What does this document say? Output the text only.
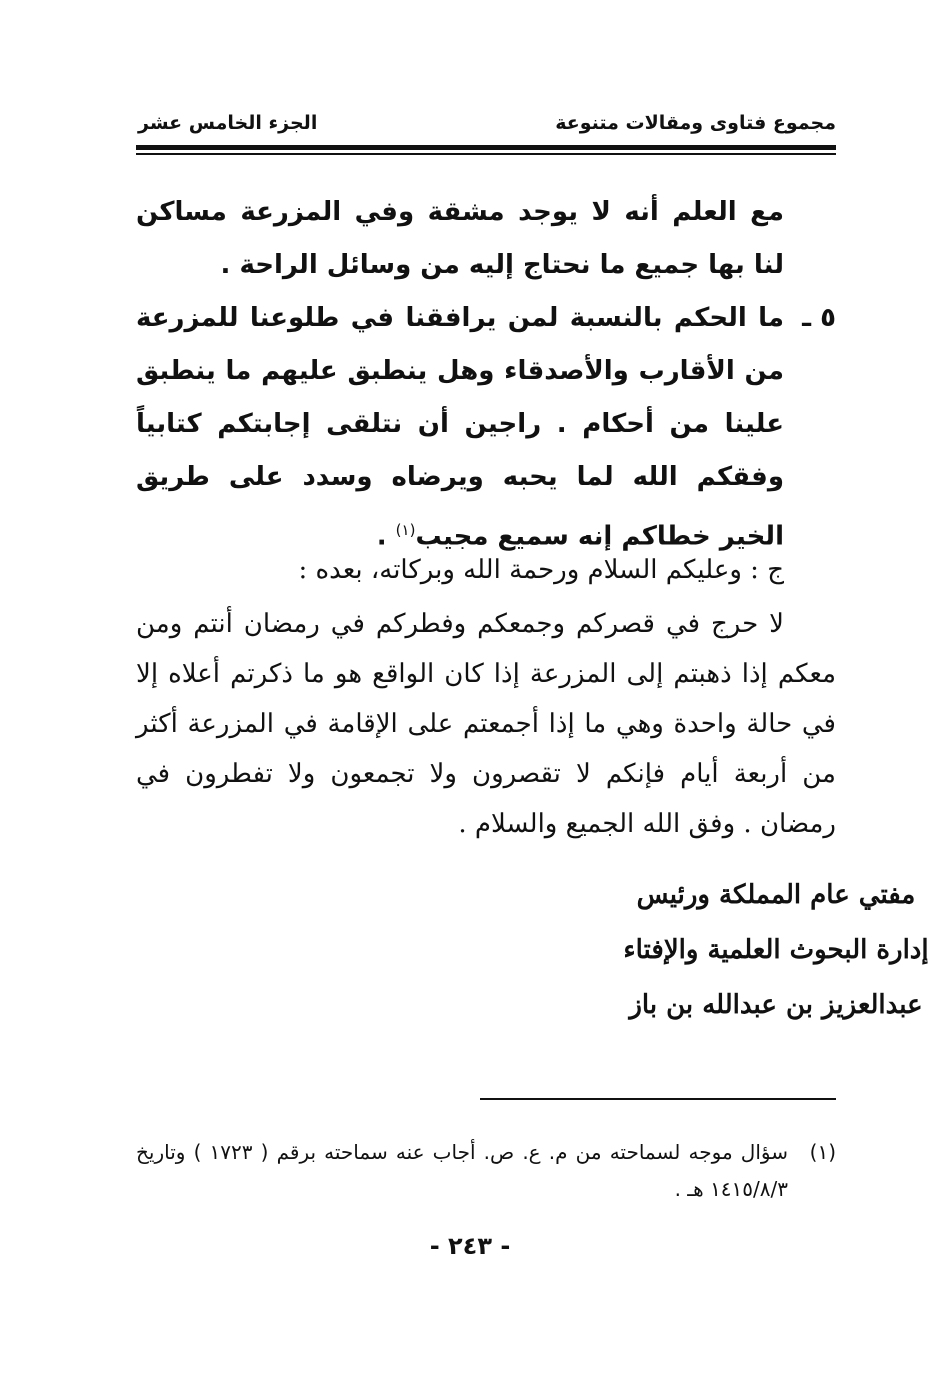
مجموع فتاوى ومقالات متنوعة
الجزء الخامس عشر

مع العلم أنه لا يوجد مشقة وفي المزرعة مساكن لنا بها جميع ما نحتاج إليه من وسائل الراحة .

٥ ـ
ما الحكم بالنسبة لمن يرافقنا في طلوعنا للمزرعة من الأقارب والأصدقاء وهل ينطبق عليهم ما ينطبق علينا من أحكام . راجين أن نتلقى إجابتكم كتابياً وفقكم الله لما يحبه ويرضاه وسدد على طريق الخير خطاكم إنه سميع مجيب$^{(١)}$ .

ج : وعليكم السلام ورحمة الله وبركاته، بعده :

لا حرج في قصركم وجمعكم وفطركم في رمضان أنتم ومن معكم إذا ذهبتم إلى المزرعة إذا كان الواقع هو ما ذكرتم أعلاه إلا في حالة واحدة وهي ما إذا أجمعتم على الإقامة في المزرعة أكثر من أربعة أيام فإنكم لا تقصرون ولا تجمعون ولا تفطرون في رمضان . وفق الله الجميع والسلام .

مفتي عام المملكة ورئيس
إدارة البحوث العلمية والإفتاء
عبدالعزيز بن عبدالله بن باز
(١)
سؤال موجه لسماحته من م. ع. ص. أجاب عنه سماحته برقم ( ١٧٢٣ ) وتاريخ ١٤١٥/٨/٣ هـ .
- ٢٤٣ -
